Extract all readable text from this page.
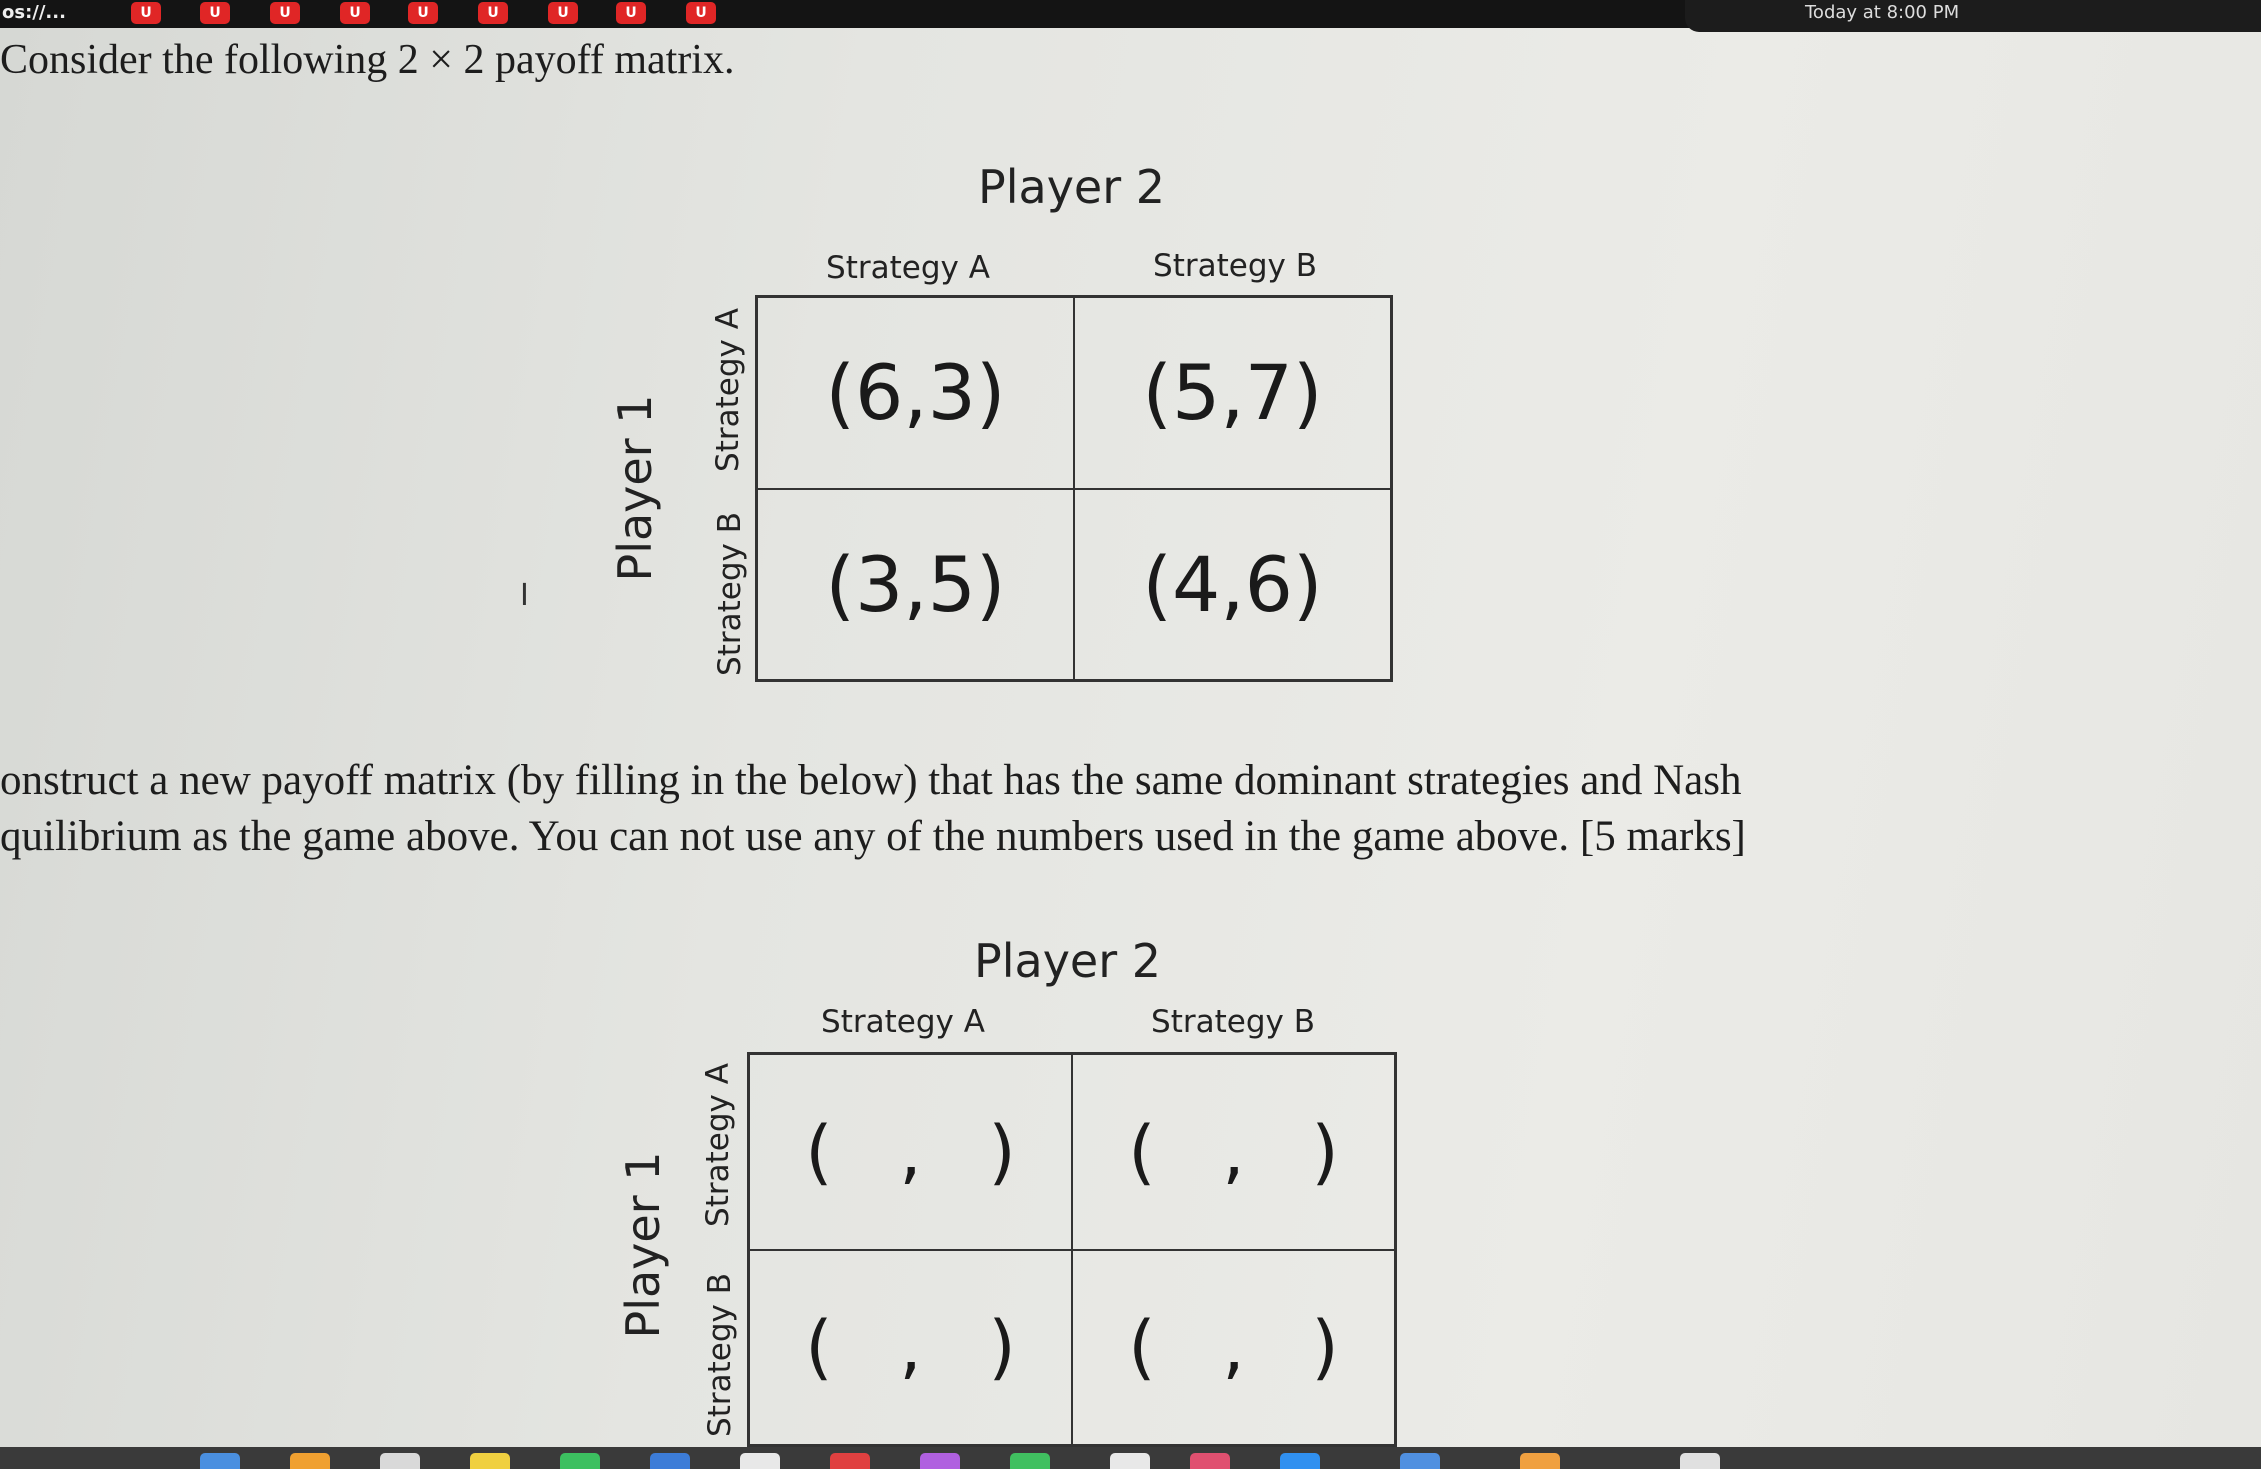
os://...	U	U	U	U	U	U	U	U	U	Today at 8:00 PM
Consider the following 2 × 2 payoff matrix.
Player 2
Strategy A	Strategy B
Player 1
Strategy A
Strategy B
(6,3)	(5,7)
(3,5)	(4,6)
I
onstruct a new payoff matrix (by filling in the below) that has the same dominant strategies and Nash
quilibrium as the game above. You can not use any of the numbers used in the game above. [5 marks]
Player 2
Strategy A	Strategy B
Player 1
Strategy A
Strategy B
(   ,   )	(   ,   )
(   ,   )	(   ,   )
